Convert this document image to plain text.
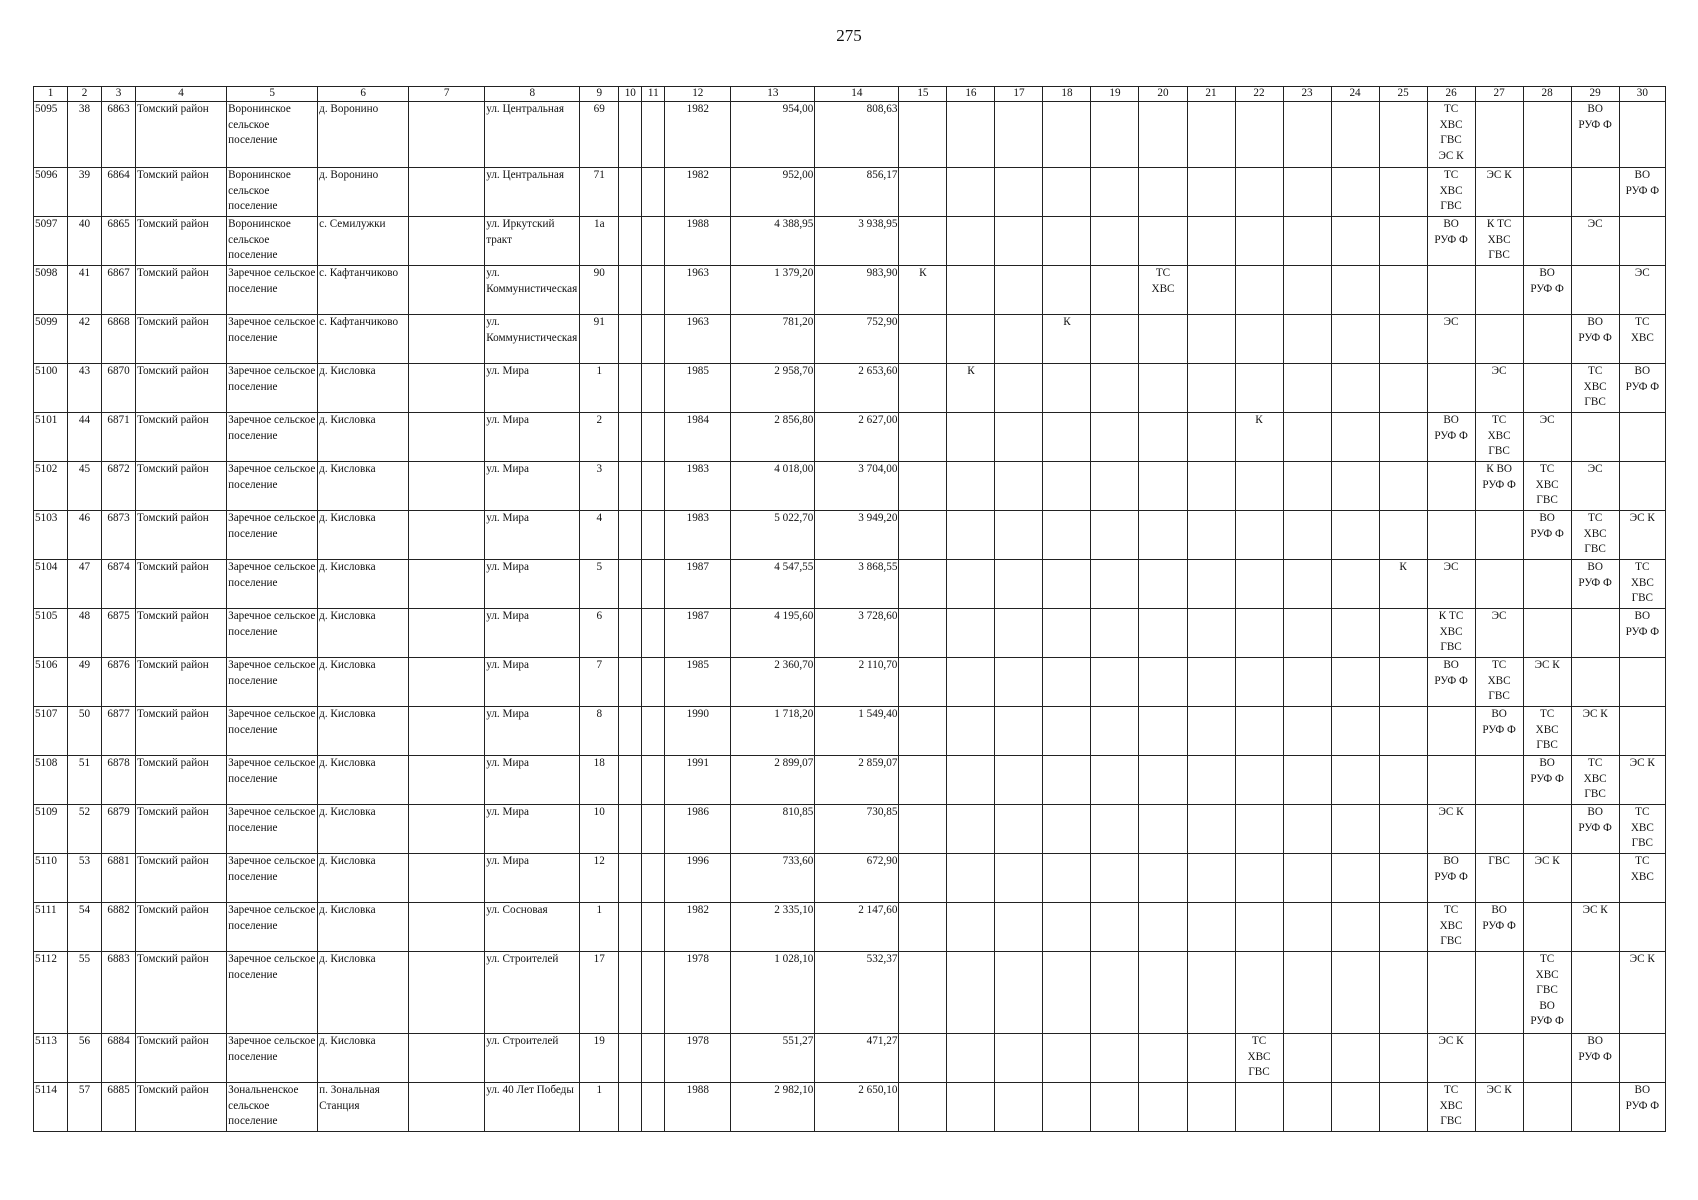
275
1	2	3	4	5	6	7	8	9	10	11	12	13	14	15	16	17	18	19	20	21	22	23	24	25	26	27	28	29	30
5095	38	6863	Томский район	Воронинское сельское поселение	д. Воронино		ул. Центральная	69			1982	954,00	808,63												ТС
ХВС
ГВС
ЭС К			ВО
РУФ Ф	
5096	39	6864	Томский район	Воронинское сельское поселение	д. Воронино		ул. Центральная	71			1982	952,00	856,17												ТС
ХВС
ГВС	ЭС К			ВО
РУФ Ф
5097	40	6865	Томский район	Воронинское сельское поселение	с. Семилужки		ул. Иркутский тракт	1а			1988	4 388,95	3 938,95												ВО
РУФ Ф	К ТС
ХВС
ГВС		ЭС	
5098	41	6867	Томский район	Заречное сельское поселение	с. Кафтанчиково		ул. Коммунистическая	90			1963	1 379,20	983,90	К					ТС
ХВС								ВО
РУФ Ф		ЭС
5099	42	6868	Томский район	Заречное сельское поселение	с. Кафтанчиково		ул. Коммунистическая	91			1963	781,20	752,90				К								ЭС			ВО
РУФ Ф	ТС
ХВС
5100	43	6870	Томский район	Заречное сельское поселение	д. Кисловка		ул. Мира	1			1985	2 958,70	2 653,60		К											ЭС		ТС
ХВС
ГВС	ВО
РУФ Ф
5101	44	6871	Томский район	Заречное сельское поселение	д. Кисловка		ул. Мира	2			1984	2 856,80	2 627,00								К				ВО
РУФ Ф	ТС
ХВС
ГВС	ЭС		
5102	45	6872	Томский район	Заречное сельское поселение	д. Кисловка		ул. Мира	3			1983	4 018,00	3 704,00													К ВО
РУФ Ф	ТС
ХВС
ГВС	ЭС	
5103	46	6873	Томский район	Заречное сельское поселение	д. Кисловка		ул. Мира	4			1983	5 022,70	3 949,20														ВО
РУФ Ф	ТС
ХВС
ГВС	ЭС К
5104	47	6874	Томский район	Заречное сельское поселение	д. Кисловка		ул. Мира	5			1987	4 547,55	3 868,55											К	ЭС			ВО
РУФ Ф	ТС
ХВС
ГВС
5105	48	6875	Томский район	Заречное сельское поселение	д. Кисловка		ул. Мира	6			1987	4 195,60	3 728,60												К ТС
ХВС
ГВС	ЭС			ВО
РУФ Ф
5106	49	6876	Томский район	Заречное сельское поселение	д. Кисловка		ул. Мира	7			1985	2 360,70	2 110,70												ВО
РУФ Ф	ТС
ХВС
ГВС	ЭС К		
5107	50	6877	Томский район	Заречное сельское поселение	д. Кисловка		ул. Мира	8			1990	1 718,20	1 549,40													ВО
РУФ Ф	ТС
ХВС
ГВС	ЭС К	
5108	51	6878	Томский район	Заречное сельское поселение	д. Кисловка		ул. Мира	18			1991	2 899,07	2 859,07														ВО
РУФ Ф	ТС
ХВС
ГВС	ЭС К
5109	52	6879	Томский район	Заречное сельское поселение	д. Кисловка		ул. Мира	10			1986	810,85	730,85												ЭС К			ВО
РУФ Ф	ТС
ХВС
ГВС
5110	53	6881	Томский район	Заречное сельское поселение	д. Кисловка		ул. Мира	12			1996	733,60	672,90												ВО
РУФ Ф	ГВС	ЭС К		ТС
ХВС
5111	54	6882	Томский район	Заречное сельское поселение	д. Кисловка		ул. Сосновая	1			1982	2 335,10	2 147,60												ТС
ХВС
ГВС	ВО
РУФ Ф		ЭС К	
5112	55	6883	Томский район	Заречное сельское поселение	д. Кисловка		ул. Строителей	17			1978	1 028,10	532,37														ТС
ХВС
ГВС
ВО
РУФ Ф		ЭС К
5113	56	6884	Томский район	Заречное сельское поселение	д. Кисловка		ул. Строителей	19			1978	551,27	471,27								ТС
ХВС
ГВС				ЭС К			ВО
РУФ Ф	
5114	57	6885	Томский район	Зональненское сельское поселение	п. Зональная Станция		ул. 40 Лет Победы	1			1988	2 982,10	2 650,10												ТС
ХВС
ГВС	ЭС К			ВО
РУФ Ф
